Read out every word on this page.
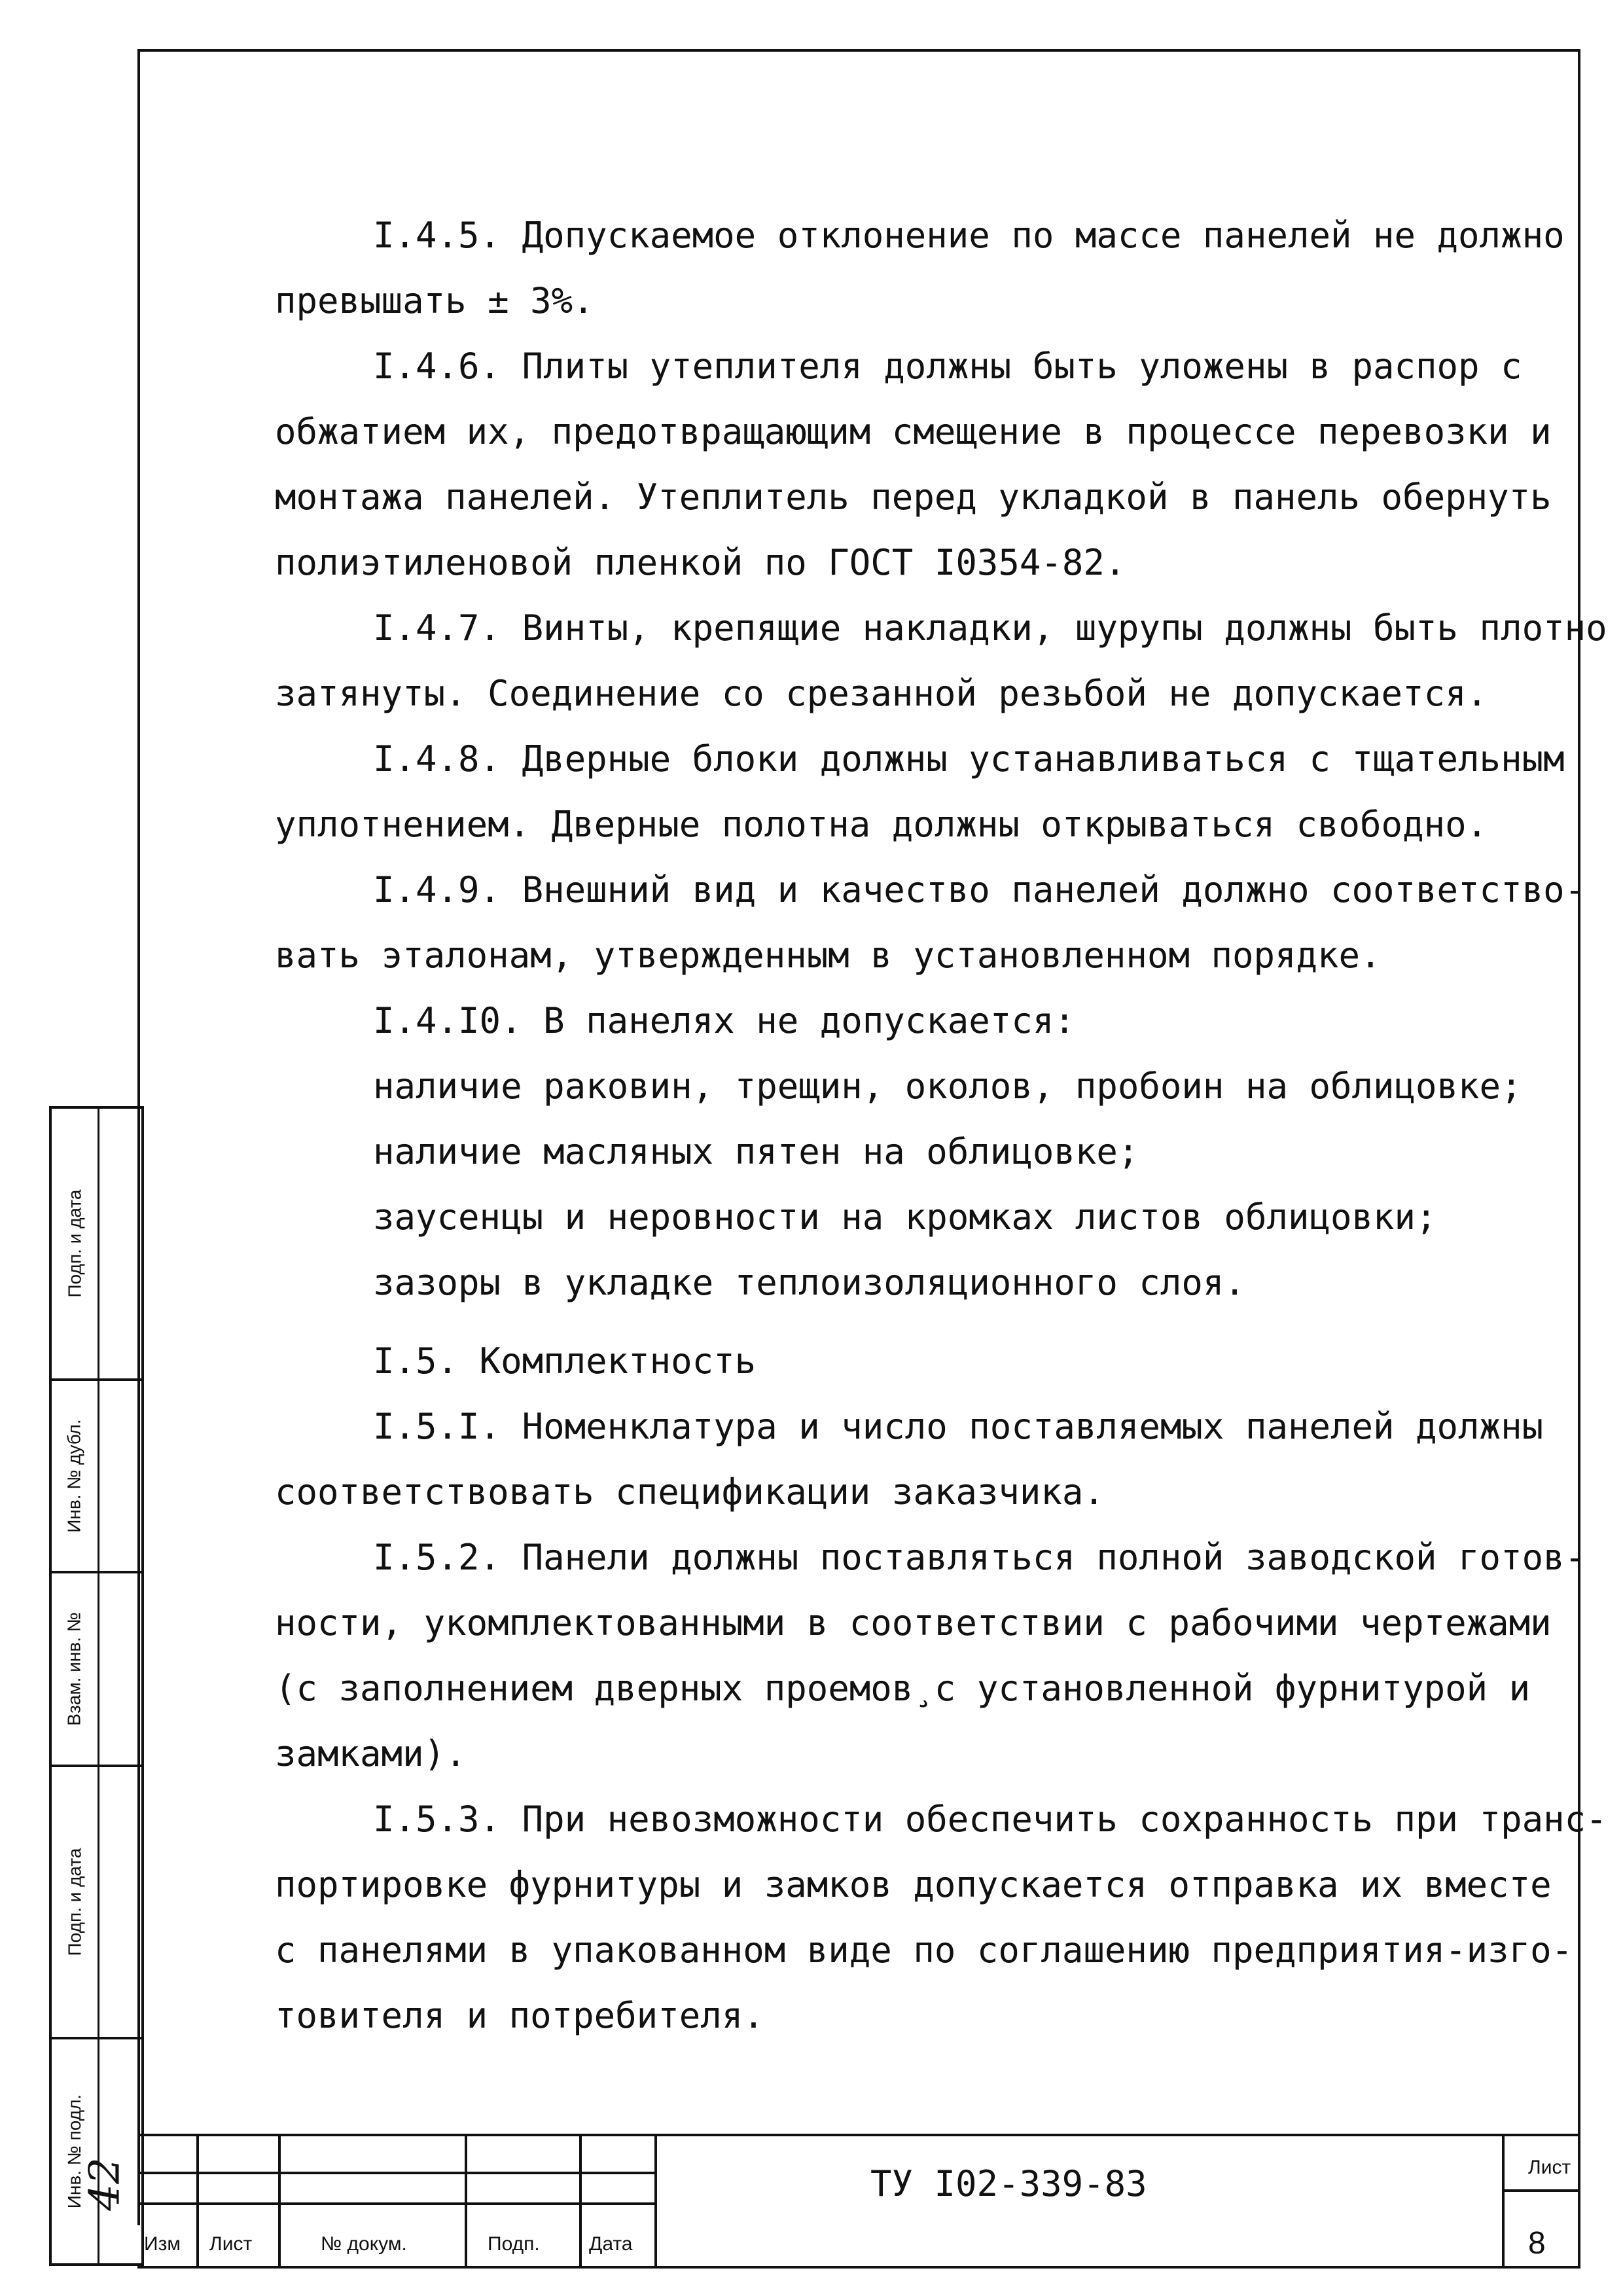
I.4.5. Допускаемое отклонение по массе панелей не должно
превышать ± 3%.
I.4.6. Плиты утеплителя должны быть уложены в распор с
обжатием их, предотвращающим смещение в процессе перевозки и
монтажа панелей. Утеплитель перед укладкой в панель обернуть
полиэтиленовой пленкой по ГОСТ I0354-82.
I.4.7. Винты, крепящие накладки, шурупы должны быть плотно
затянуты. Соединение со срезанной резьбой не допускается.
I.4.8. Дверные блоки должны устанавливаться с тщательным
уплотнением. Дверные полотна должны открываться свободно.
I.4.9. Внешний вид и качество панелей должно соответство-
вать эталонам, утвержденным в установленном порядке.
I.4.I0. В панелях не допускается:
наличие раковин, трещин, околов, пробоин на облицовке;
наличие масляных пятен на облицовке;
заусенцы и неровности на кромках листов облицовки;
зазоры в укладке теплоизоляционного слоя.
I.5. Комплектность
I.5.I. Номенклатура и число поставляемых панелей должны
соответствовать спецификации заказчика.
I.5.2. Панели должны поставляться полной заводской готов-
ности, укомплектованными в соответствии с рабочими чертежами
(с заполнением дверных проемов¸с установленной фурнитурой и
замками).
I.5.3. При невозможности обеспечить сохранность при транс-
портировке фурнитуры и замков допускается отправка их вместе
с панелями в упакованном виде по соглашению предприятия-изго-
товителя и потребителя.
Подп. и дата
Инв. № дубл.
Взам. инв. №
Подп. и дата
Инв. № подл.
42
Изм Лист	№ докум.	Подп.	Дата
ТУ I02-339-83	Лист
8
